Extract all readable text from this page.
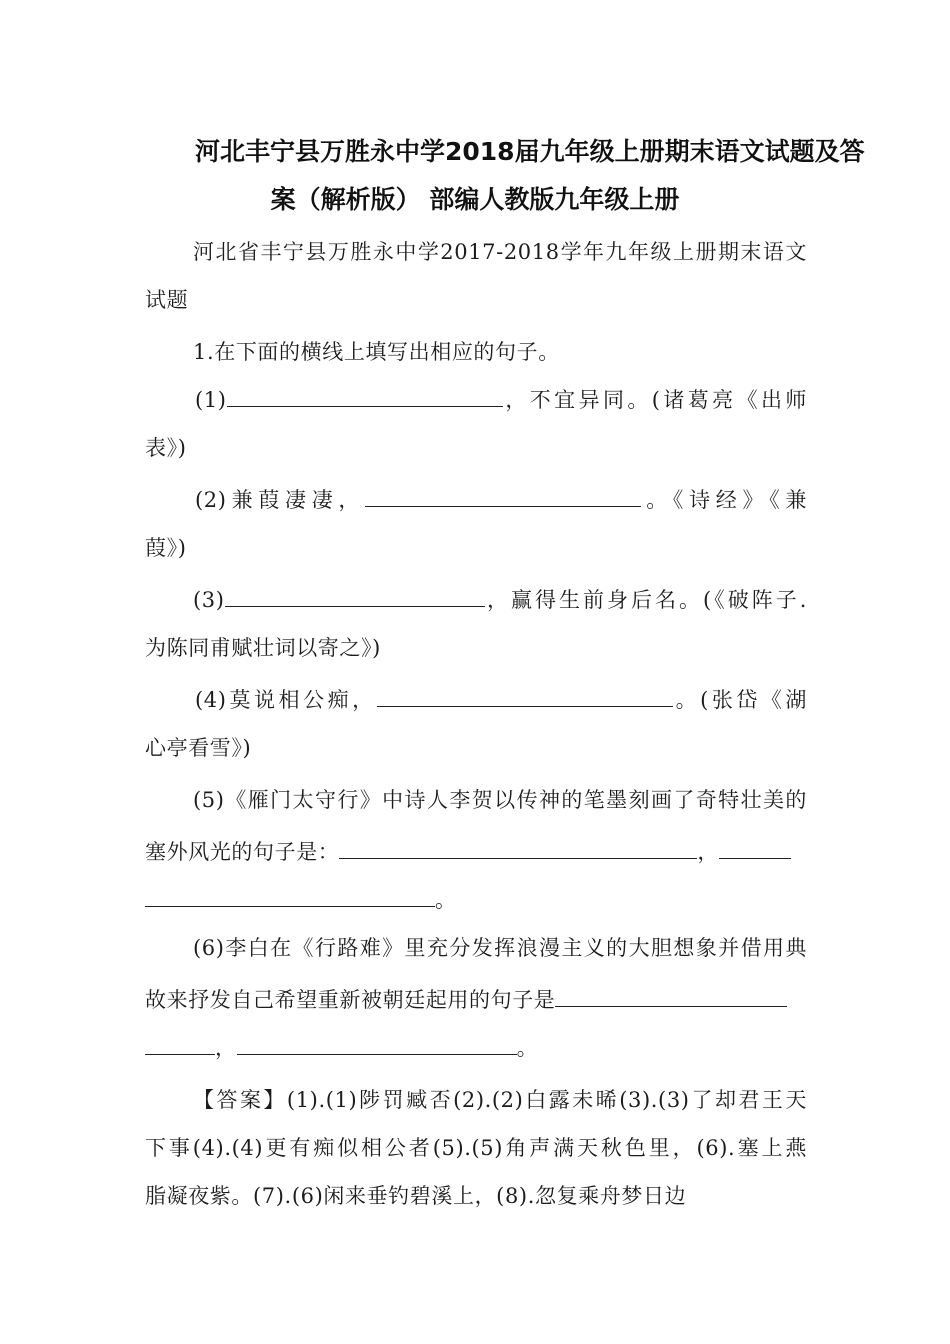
河北丰宁县万胜永中学2018届九年级上册期末语文试题及答
案（解析版） 部编人教版九年级上册
河北省丰宁县万胜永中学2017-2018学年九年级上册期末语文
试题
1.在下面的横线上填写出相应的句子。
(1)	，不宜异同。(诸葛亮《出师
表》)
(2)兼葭凄凄，	。《诗经》《兼
葭》)
(3)	，赢得生前身后名。(《破阵子.
为陈同甫赋壮词以寄之》)
(4)莫说相公痴，	。(张岱《湖
心亭看雪》)
(5)《雁门太守行》中诗人李贺以传神的笔墨刻画了奇特壮美的
塞外风光的句子是：	，
。
(6)李白在《行路难》里充分发挥浪漫主义的大胆想象并借用典
故来抒发自己希望重新被朝廷起用的句子是
，	。
【答案】(1).(1)陟罚臧否(2).(2)白露未晞(3).(3)了却君王天
下事(4).(4)更有痴似相公者(5).(5)角声满天秋色里，(6).塞上燕
脂凝夜紫。(7).(6)闲来垂钓碧溪上，(8).忽复乘舟梦日边
